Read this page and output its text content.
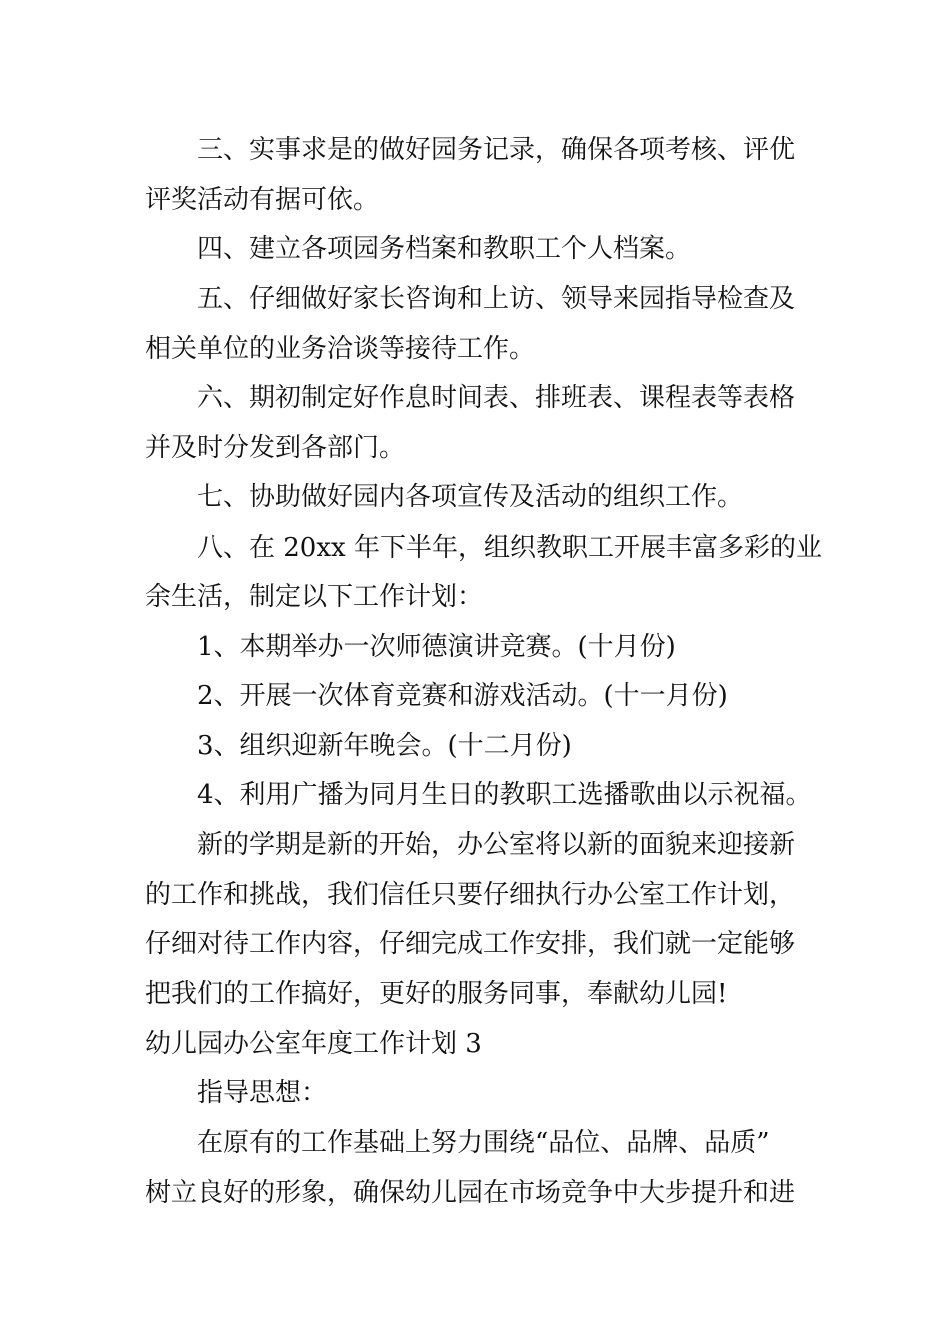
三、实事求是的做好园务记录，确保各项考核、评优
评奖活动有据可依。
四、建立各项园务档案和教职工个人档案。
五、仔细做好家长咨询和上访、领导来园指导检查及
相关单位的业务洽谈等接待工作。
六、期初制定好作息时间表、排班表、课程表等表格
并及时分发到各部门。
七、协助做好园内各项宣传及活动的组织工作。
八、在 20xx 年下半年，组织教职工开展丰富多彩的业
余生活，制定以下工作计划：
1、本期举办一次师德演讲竞赛。(十月份)
2、开展一次体育竞赛和游戏活动。(十一月份)
3、组织迎新年晚会。(十二月份)
4、利用广播为同月生日的教职工选播歌曲以示祝福。
新的学期是新的开始，办公室将以新的面貌来迎接新
的工作和挑战，我们信任只要仔细执行办公室工作计划，
仔细对待工作内容，仔细完成工作安排，我们就一定能够
把我们的工作搞好，更好的服务同事，奉献幼儿园!
幼儿园办公室年度工作计划 3
指导思想：
在原有的工作基础上努力围绕“品位、品牌、品质”
树立良好的形象，确保幼儿园在市场竞争中大步提升和进
